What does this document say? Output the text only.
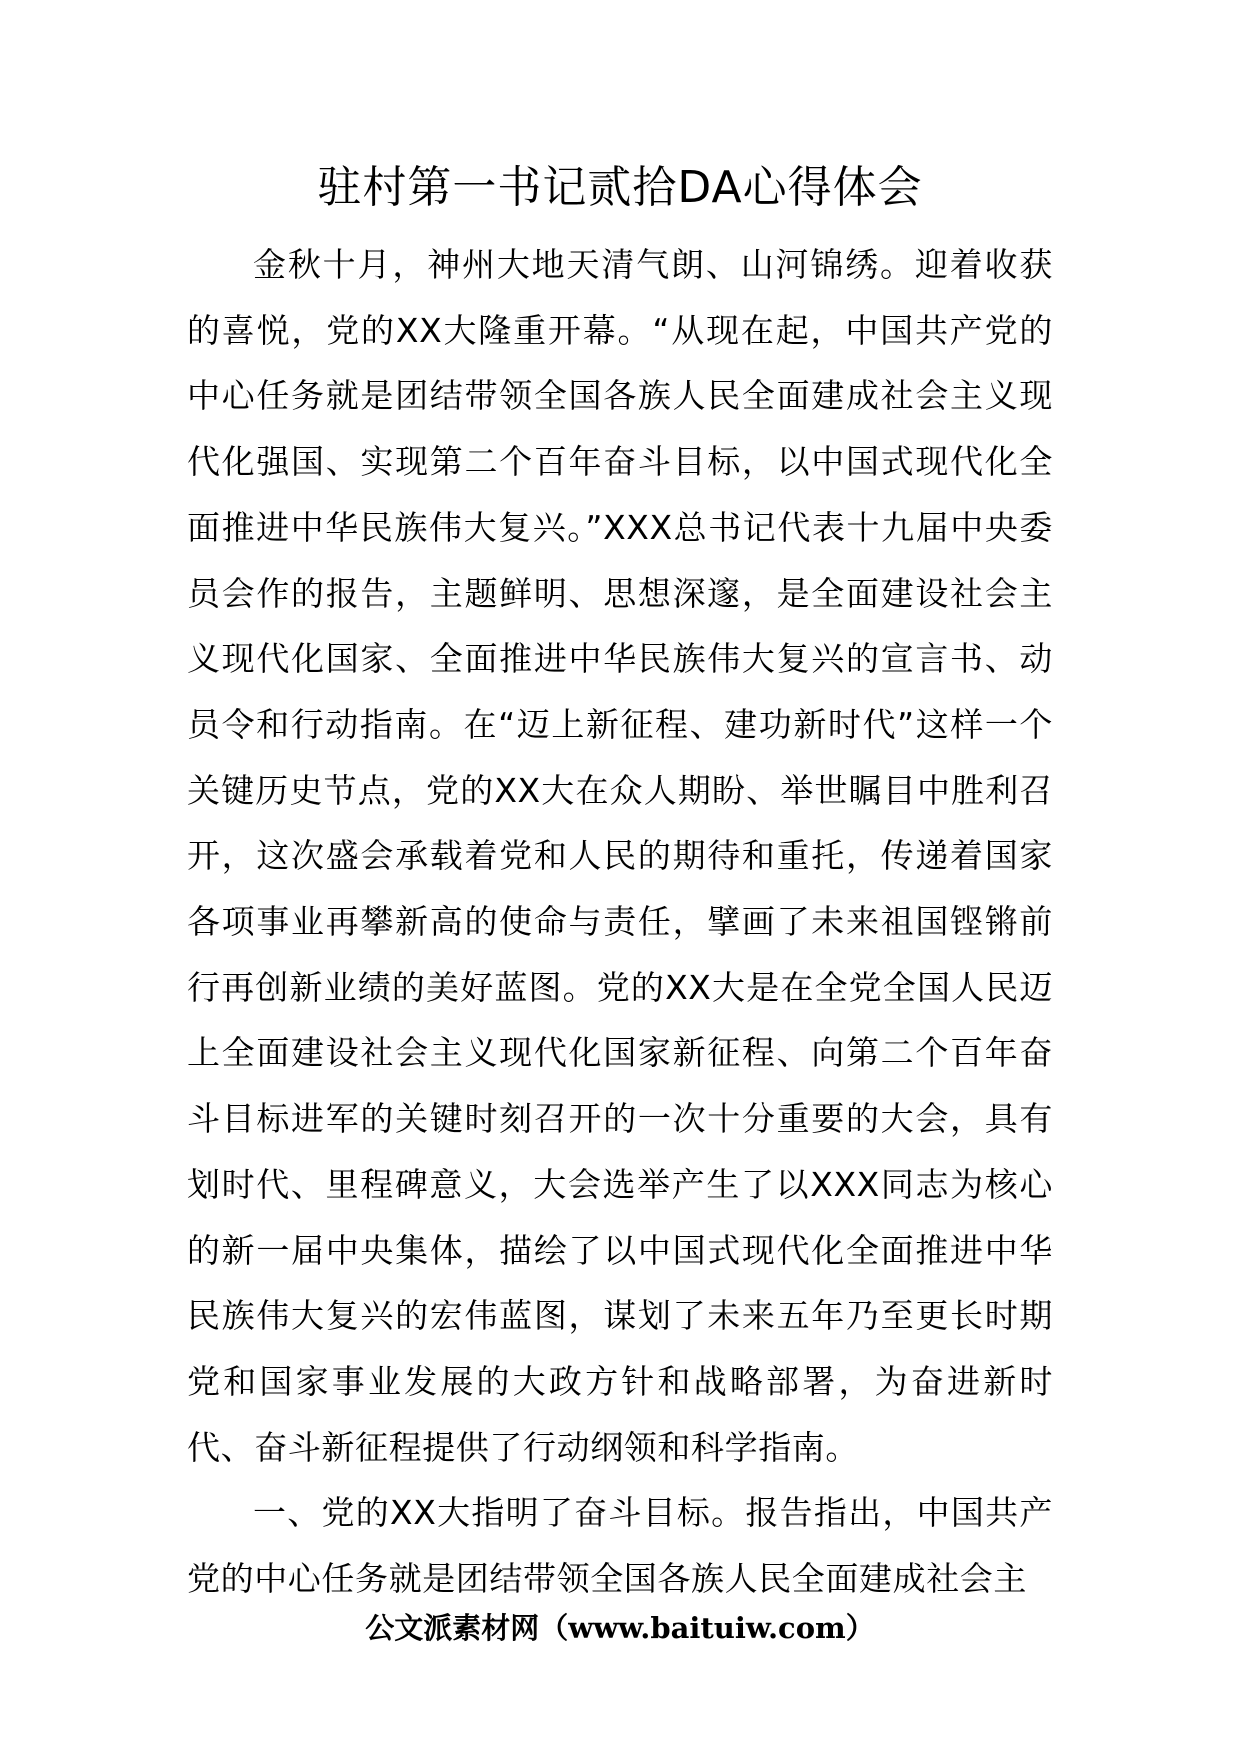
驻村第一书记贰拾DA心得体会

金秋十月，神州大地天清气朗、山河锦绣。迎着收获的喜悦，党的XX大隆重开幕。“从现在起，中国共产党的中心任务就是团结带领全国各族人民全面建成社会主义现代化强国、实现第二个百年奋斗目标，以中国式现代化全面推进中华民族伟大复兴。”XXX总书记代表十九届中央委员会作的报告，主题鲜明、思想深邃，是全面建设社会主义现代化国家、全面推进中华民族伟大复兴的宣言书、动员令和行动指南。在“迈上新征程、建功新时代”这样一个关键历史节点，党的XX大在众人期盼、举世瞩目中胜利召开，这次盛会承载着党和人民的期待和重托，传递着国家各项事业再攀新高的使命与责任，擘画了未来祖国铿锵前行再创新业绩的美好蓝图。党的XX大是在全党全国人民迈上全面建设社会主义现代化国家新征程、向第二个百年奋斗目标进军的关键时刻召开的一次十分重要的大会，具有划时代、里程碑意义，大会选举产生了以XXX同志为核心的新一届中央集体，描绘了以中国式现代化全面推进中华民族伟大复兴的宏伟蓝图，谋划了未来五年乃至更长时期党和国家事业发展的大政方针和战略部署，为奋进新时代、奋斗新征程提供了行动纲领和科学指南。

一、党的XX大指明了奋斗目标。报告指出，中国共产党的中心任务就是团结带领全国各族人民全面建成社会主

公文派素材网（www.baituiw.com）
